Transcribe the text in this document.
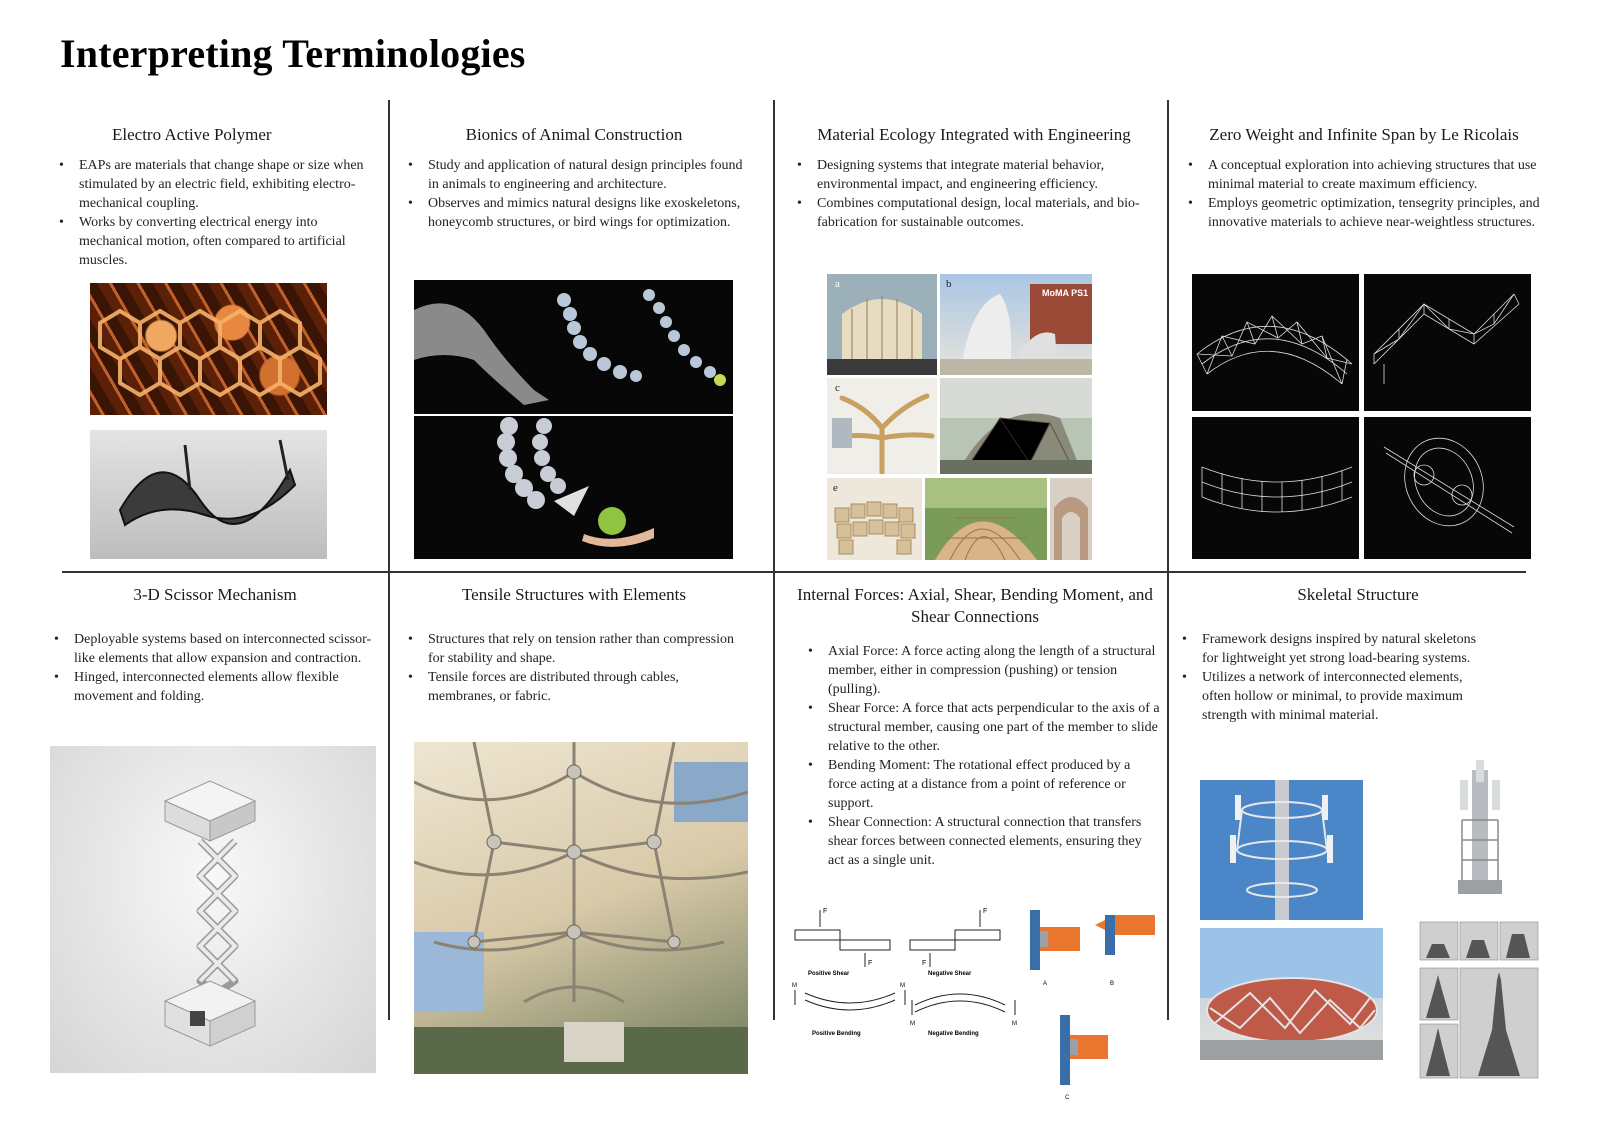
Interpreting Terminologies
Electro Active Polymer
• EAPs are materials that change shape or size when stimulated by an electric field, exhibiting electro-mechanical coupling.
• Works by converting electrical energy into mechanical motion, often compared to artificial muscles.
Bionics of Animal Construction
• Study and application of natural design principles found in animals to engineering and architecture.
• Observes and mimics natural designs like exoskeletons, honeycomb structures, or bird wings for optimization.
Material Ecology Integrated with Engineering
• Designing systems that integrate material behavior, environmental impact, and engineering efficiency.
• Combines computational design, local materials, and bio-fabrication for sustainable outcomes.
a	b
MoMA PS1
c
e
Zero Weight and Infinite Span by Le Ricolais
• A conceptual exploration into achieving structures that use minimal material to create maximum efficiency.
• Employs geometric optimization, tensegrity principles, and innovative materials to achieve near-weightless structures.
3-D Scissor Mechanism
• Deployable systems based on interconnected scissor-like elements that allow expansion and contraction.
• Hinged, interconnected elements allow flexible movement and folding.
Tensile Structures with Elements
• Structures that rely on tension rather than compression for stability and shape.
• Tensile forces are distributed through cables, membranes, or fabric.
Internal Forces: Axial, Shear, Bending Moment, and Shear Connections
• Axial Force: A force acting along the length of a structural member, either in compression (pushing) or tension (pulling).
• Shear Force: A force that acts perpendicular to the axis of a structural member, causing one part of the member to slide relative to the other.
• Bending Moment: The rotational effect produced by a force acting at a distance from a point of reference or support.
• Shear Connection: A structural connection that transfers shear forces between connected elements, ensuring they act as a single unit.
F
F
F
F
Positive Shear	Negative Shear
M	M
M	M
Positive Bending	Negative Bending
A	B
C
Skeletal Structure
• Framework designs inspired by natural skeletons for lightweight yet strong load-bearing systems.
• Utilizes a network of interconnected elements, often hollow or minimal, to provide maximum strength with minimal material.
